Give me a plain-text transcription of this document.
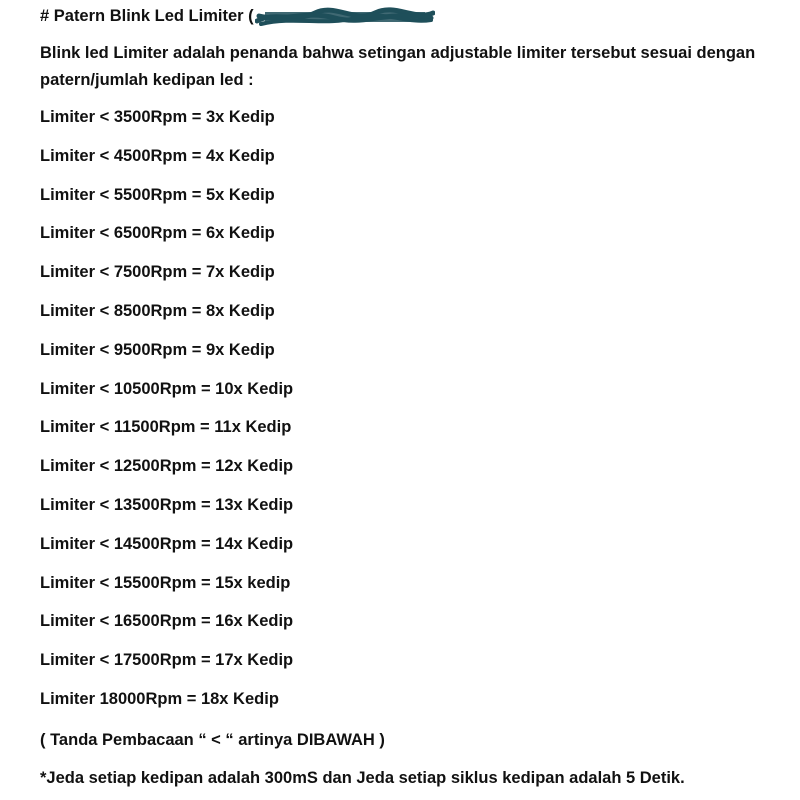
# Patern Blink Led Limiter (
Blink led Limiter adalah penanda bahwa setingan adjustable limiter tersebut sesuai dengan patern/jumlah kedipan led :
Limiter < 3500Rpm = 3x Kedip
Limiter < 4500Rpm = 4x Kedip
Limiter < 5500Rpm = 5x Kedip
Limiter < 6500Rpm = 6x Kedip
Limiter < 7500Rpm = 7x Kedip
Limiter < 8500Rpm = 8x Kedip
Limiter < 9500Rpm = 9x Kedip
Limiter < 10500Rpm = 10x Kedip
Limiter < 11500Rpm = 11x Kedip
Limiter < 12500Rpm = 12x Kedip
Limiter < 13500Rpm = 13x Kedip
Limiter < 14500Rpm = 14x Kedip
Limiter < 15500Rpm = 15x kedip
Limiter < 16500Rpm = 16x Kedip
Limiter < 17500Rpm = 17x Kedip
Limiter 18000Rpm = 18x Kedip
( Tanda Pembacaan “ < “ artinya DIBAWAH )
*Jeda setiap kedipan adalah 300mS dan Jeda setiap siklus kedipan adalah 5 Detik.
